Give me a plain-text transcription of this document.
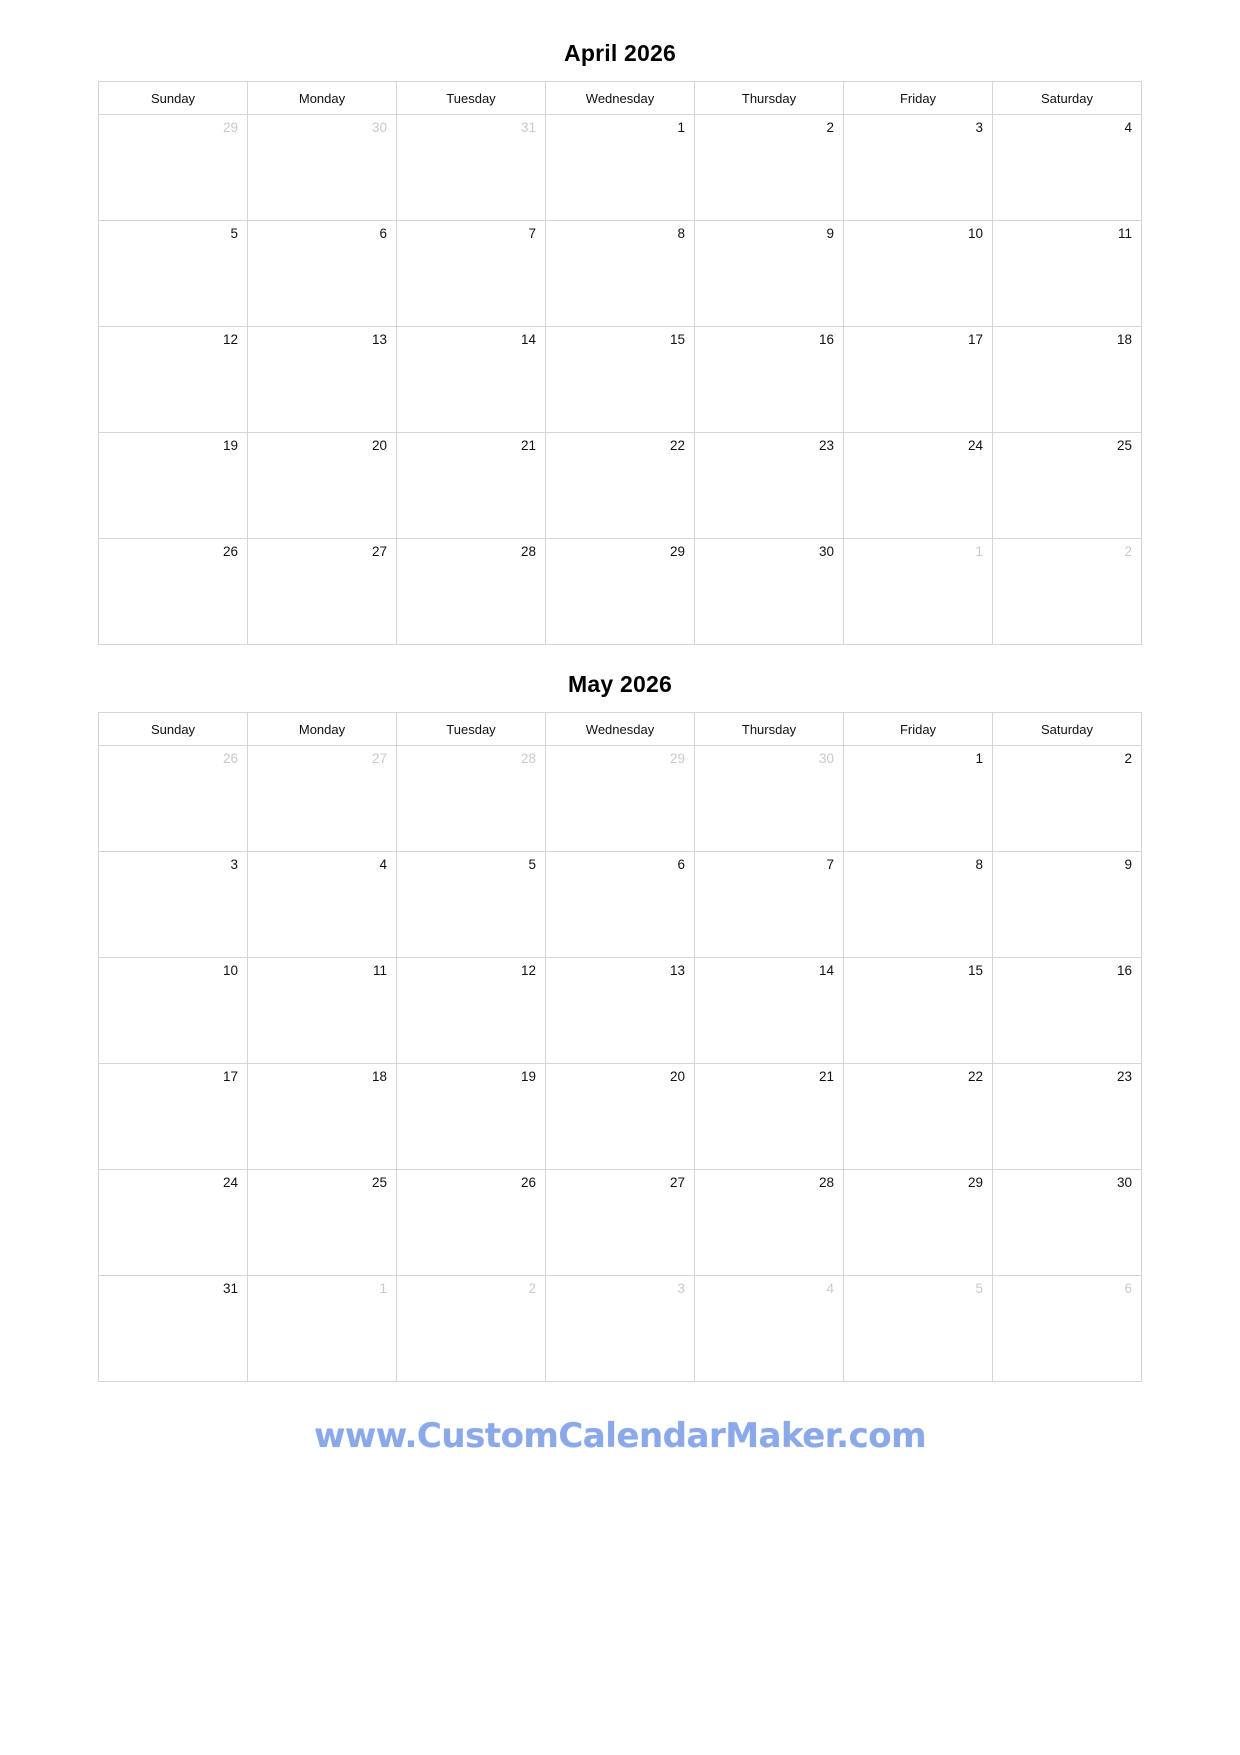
April 2026
Sunday	Monday	Tuesday	Wednesday	Thursday	Friday	Saturday
29	30	31	1	2	3	4
5	6	7	8	9	10	11
12	13	14	15	16	17	18
19	20	21	22	23	24	25
26	27	28	29	30	1	2
May 2026
Sunday	Monday	Tuesday	Wednesday	Thursday	Friday	Saturday
26	27	28	29	30	1	2
3	4	5	6	7	8	9
10	11	12	13	14	15	16
17	18	19	20	21	22	23
24	25	26	27	28	29	30
31	1	2	3	4	5	6
www.CustomCalendarMaker.com
